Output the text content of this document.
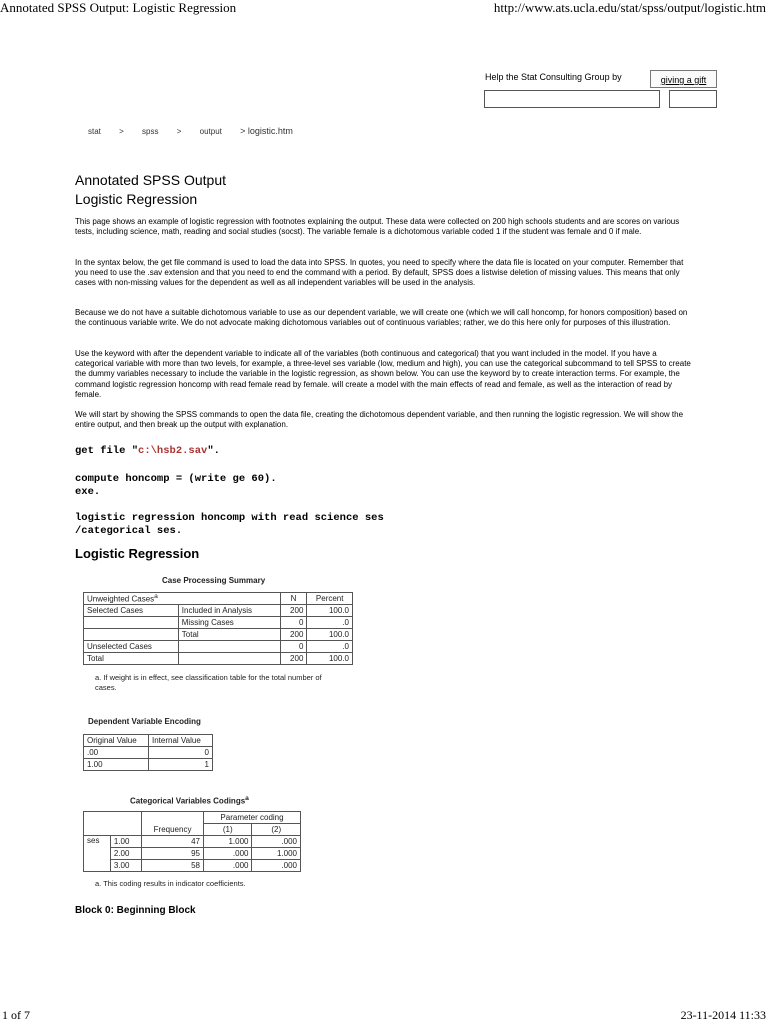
Annotated SPSS Output: Logistic Regression	http://www.ats.ucla.edu/stat/spss/output/logistic.htm
Help the Stat Consulting Group by	giving a gift
stat > spss > output > logistic.htm
Annotated SPSS Output
Logistic Regression
This page shows an example of logistic regression with footnotes explaining the output. These data were collected on 200 high schools students and are scores on various tests, including science, math, reading and social studies (socst). The variable female is a dichotomous variable coded 1 if the student was female and 0 if male.
In the syntax below, the get file command is used to load the data into SPSS. In quotes, you need to specify where the data file is located on your computer. Remember that you need to use the .sav extension and that you need to end the command with a period. By default, SPSS does a listwise deletion of missing values. This means that only cases with non-missing values for the dependent as well as all independent variables will be used in the analysis.
Because we do not have a suitable dichotomous variable to use as our dependent variable, we will create one (which we will call honcomp, for honors composition) based on the continuous variable write. We do not advocate making dichotomous variables out of continuous variables; rather, we do this here only for purposes of this illustration.
Use the keyword with after the dependent variable to indicate all of the variables (both continuous and categorical) that you want included in the model. If you have a categorical variable with more than two levels, for example, a three-level ses variable (low, medium and high), you can use the categorical subcommand to tell SPSS to create the dummy variables necessary to include the variable in the logistic regression, as shown below. You can use the keyword by to create interaction terms. For example, the command logistic regression honcomp with read female read by female. will create a model with the main effects of read and female, as well as the interaction of read by female.
We will start by showing the SPSS commands to open the data file, creating the dichotomous dependent variable, and then running the logistic regression. We will show the entire output, and then break up the output with explanation.
get file "c:\hsb2.sav".
compute honcomp = (write ge 60).
exe.
logistic regression honcomp with read science ses
/categorical ses.
Logistic Regression
Case Processing Summary
Unweighted Cases$^a$		N	Percent
Selected Cases	Included in Analysis	200	100.0
	Missing Cases	0	.0
	Total	200	100.0
Unselected Cases		0	.0
Total		200	100.0
a. If weight is in effect, see classification table for the total number of cases.
Dependent Variable Encoding
Original Value	Internal Value
.00	0
1.00	1
Categorical Variables Codings$^a$
			Parameter coding	
		Frequency	(1)	(2)
ses	1.00	47	1.000	.000
	2.00	95	.000	1.000
	3.00	58	.000	.000
a. This coding results in indicator coefficients.
Block 0: Beginning Block
1 of 7	23-11-2014 11:33
